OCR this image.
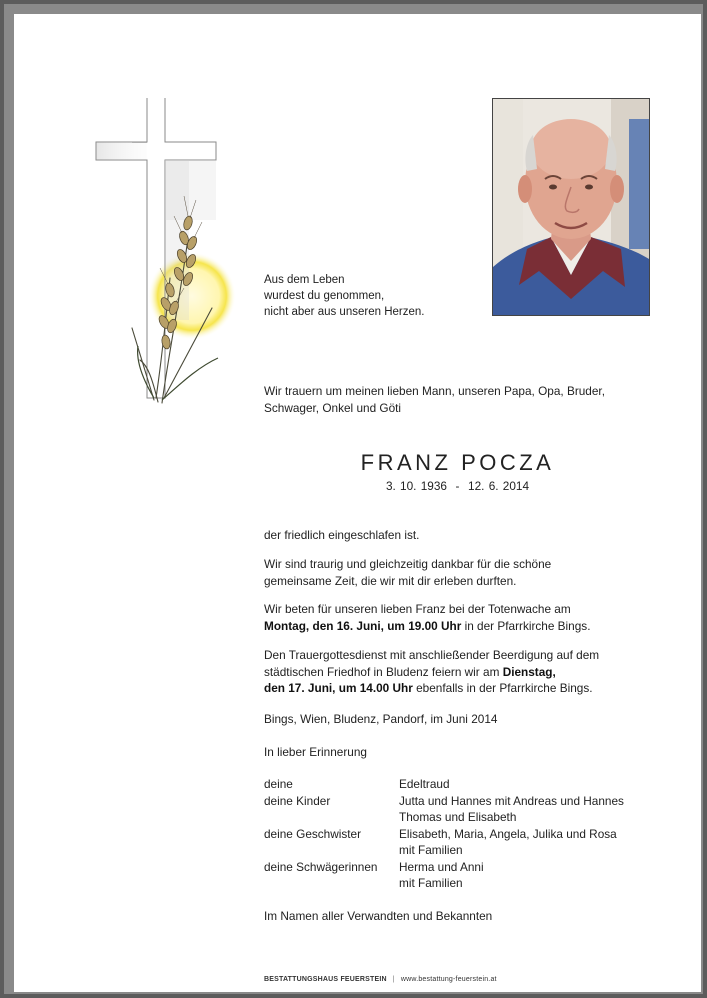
Aus dem Leben
wurdest du genommen,
nicht aber aus unseren Herzen.
Wir trauern um meinen lieben Mann, unseren Papa, Opa, Bruder,
Schwager, Onkel und Göti
FRANZ POCZA
3. 10. 1936  -  12. 6. 2014
der friedlich eingeschlafen ist.
Wir sind traurig und gleichzeitig dankbar für die schöne
gemeinsame Zeit, die wir mit dir erleben durften.
Wir beten für unseren lieben Franz bei der Totenwache am
Montag, den 16. Juni, um 19.00 Uhr in der Pfarrkirche Bings.
Den Trauergottesdienst mit anschließender Beerdigung auf dem
städtischen Friedhof in Bludenz feiern wir am Dienstag,
den 17. Juni, um 14.00 Uhr ebenfalls in der Pfarrkirche Bings.
Bings, Wien, Bludenz, Pandorf, im Juni 2014
In lieber Erinnerung
deine	Edeltraud

deine Kinder	Jutta und Hannes mit Andreas und Hannes
Thomas und Elisabeth

deine Geschwister	Elisabeth, Maria, Angela, Julika und Rosa
mit Familien

deine Schwägerinnen	Herma und Anni
mit Familien
Im Namen aller Verwandten und Bekannten
BESTATTUNGSHAUS FEUERSTEIN | www.bestattung-feuerstein.at
